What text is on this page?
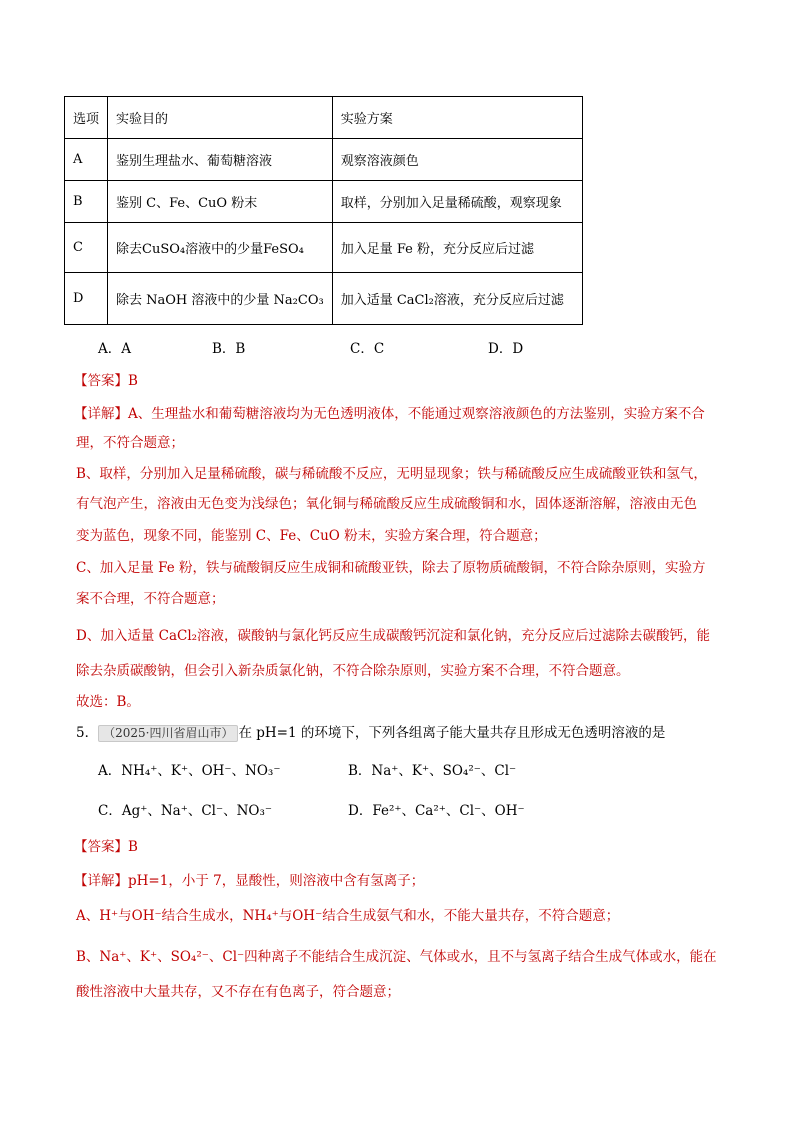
选项	实验目的	实验方案
A	鉴别生理盐水、葡萄糖溶液	观察溶液颜色
B	鉴别 C、Fe、CuO 粉末	取样，分别加入足量稀硫酸，观察现象
C	除去CuSO₄溶液中的少量FeSO₄	加入足量 Fe 粉，充分反应后过滤
D	除去 NaOH 溶液中的少量 Na₂CO₃	加入适量 CaCl₂溶液，充分反应后过滤
A．A	B．B	C．C	D．D
【答案】B
【详解】A、生理盐水和葡萄糖溶液均为无色透明液体，不能通过观察溶液颜色的方法鉴别，实验方案不合
理，不符合题意；
B、取样，分别加入足量稀硫酸，碳与稀硫酸不反应，无明显现象；铁与稀硫酸反应生成硫酸亚铁和氢气，
有气泡产生，溶液由无色变为浅绿色；氧化铜与稀硫酸反应生成硫酸铜和水，固体逐渐溶解，溶液由无色
变为蓝色，现象不同，能鉴别 C、Fe、CuO 粉末，实验方案合理，符合题意；
C、加入足量 Fe 粉，铁与硫酸铜反应生成铜和硫酸亚铁，除去了原物质硫酸铜，不符合除杂原则，实验方
案不合理，不符合题意；
D、加入适量 CaCl₂溶液，碳酸钠与氯化钙反应生成碳酸钙沉淀和氯化钠，充分反应后过滤除去碳酸钙，能
除去杂质碳酸钠，但会引入新杂质氯化钠，不符合除杂原则，实验方案不合理，不符合题意。
故选：B。
5． （2025·四川省眉山市） 在 pH=1 的环境下，下列各组离子能大量共存且形成无色透明溶液的是
A．NH₄⁺、K⁺、OH⁻、NO₃⁻	B．Na⁺、K⁺、SO₄²⁻、Cl⁻
C．Ag⁺、Na⁺、Cl⁻、NO₃⁻	D．Fe²⁺、Ca²⁺、Cl⁻、OH⁻
【答案】B
【详解】pH=1，小于 7，显酸性，则溶液中含有氢离子；
A、H⁺与OH⁻结合生成水，NH₄⁺与OH⁻结合生成氨气和水，不能大量共存，不符合题意；
B、Na⁺、K⁺、SO₄²⁻、Cl⁻四种离子不能结合生成沉淀、气体或水，且不与氢离子结合生成气体或水，能在
酸性溶液中大量共存，又不存在有色离子，符合题意；
